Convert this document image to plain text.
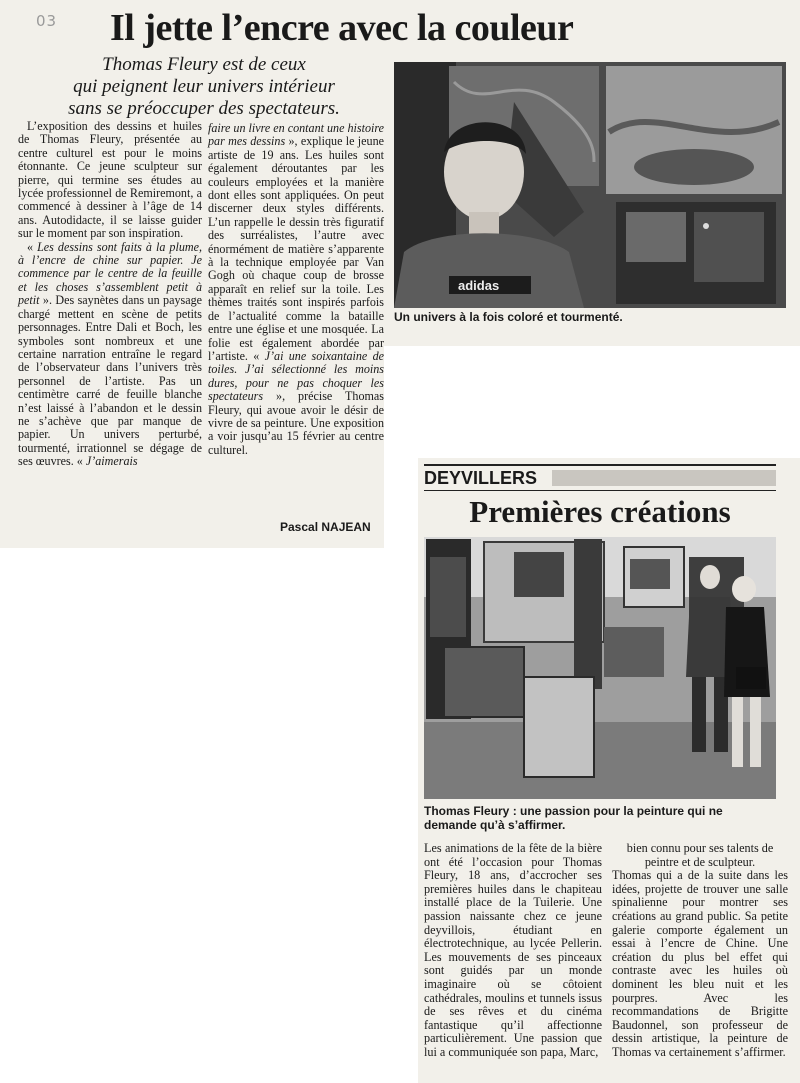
03 Il jette l’encre avec la couleur
Thomas Fleury est de ceux
qui peignent leur univers intérieur
sans se préoccuper des spectateurs.

L’exposition des dessins et huiles de Thomas Fleury, présentée au centre culturel est pour le moins étonnante. Ce jeune sculpteur sur pierre, qui termine ses études au lycée professionnel de Remiremont, a commencé à dessiner à l’âge de 14 ans. Autodidacte, il se laisse guider sur le moment par son inspiration.

« Les dessins sont faits à la plume, à l’encre de chine sur papier. Je commence par le centre de la feuille et les choses s’assemblent petit à petit ». Des saynètes dans un paysage chargé mettent en scène de petits personnages. Entre Dali et Boch, les symboles sont nombreux et une certaine narration entraîne le regard de l’observateur dans l’univers très personnel de l’artiste. Pas un centimètre carré de feuille blanche n’est laissé à l’abandon et le dessin ne s’achève que par manque de papier. Un univers perturbé, tourmenté, irrationnel se dégage de ses œuvres. « J’aimerais

faire un livre en contant une histoire par mes dessins », explique le jeune artiste de 19 ans. Les huiles sont également déroutantes par les couleurs employées et la manière dont elles sont appliquées. On peut discerner deux styles différents. L’un rappelle le dessin très figuratif des surréalistes, l’autre avec énormément de matière s’apparente à la technique employée par Van Gogh où chaque coup de brosse apparaît en relief sur la toile. Les thèmes traités sont inspirés parfois de l’actualité comme la bataille entre une église et une mosquée. La folie est également abordée par l’artiste. « J’ai une soixantaine de toiles. J’ai sélectionné les moins dures, pour ne pas choquer les spectateurs », précise Thomas Fleury, qui avoue avoir le désir de vivre de sa peinture. Une exposition a voir jusqu’au 15 février au centre culturel.

Pascal NAJEAN
adidas
Un univers à la fois coloré et tourmenté.
DEYVILLERS
Premières créations
Thomas Fleury : une passion pour la peinture qui ne demande qu’à s’affirmer.

Les animations de la fête de la bière ont été l’occasion pour Thomas Fleury, 18 ans, d’accrocher ses premières huiles dans le chapiteau installé place de la Tuilerie. Une passion naissante chez ce jeune deyvillois, étudiant en électrotechnique, au lycée Pellerin. Les mouvements de ses pinceaux sont guidés par un monde imaginaire où se côtoient cathédrales, moulins et tunnels issus de ses rêves et du cinéma fantastique qu’il affectionne particulièrement. Une passion que lui a communiquée son papa, Marc,

bien connu pour ses talents de peintre et de sculpteur.

Thomas qui a de la suite dans les idées, projette de trouver une salle spinalienne pour montrer ses créations au grand public. Sa petite galerie comporte également un essai à l’encre de Chine. Une création du plus bel effet qui contraste avec les huiles où dominent les bleu nuit et les pourpres. Avec les recommandations de Brigitte Baudonnel, son professeur de dessin artistique, la peinture de Thomas va certainement s’affirmer.
